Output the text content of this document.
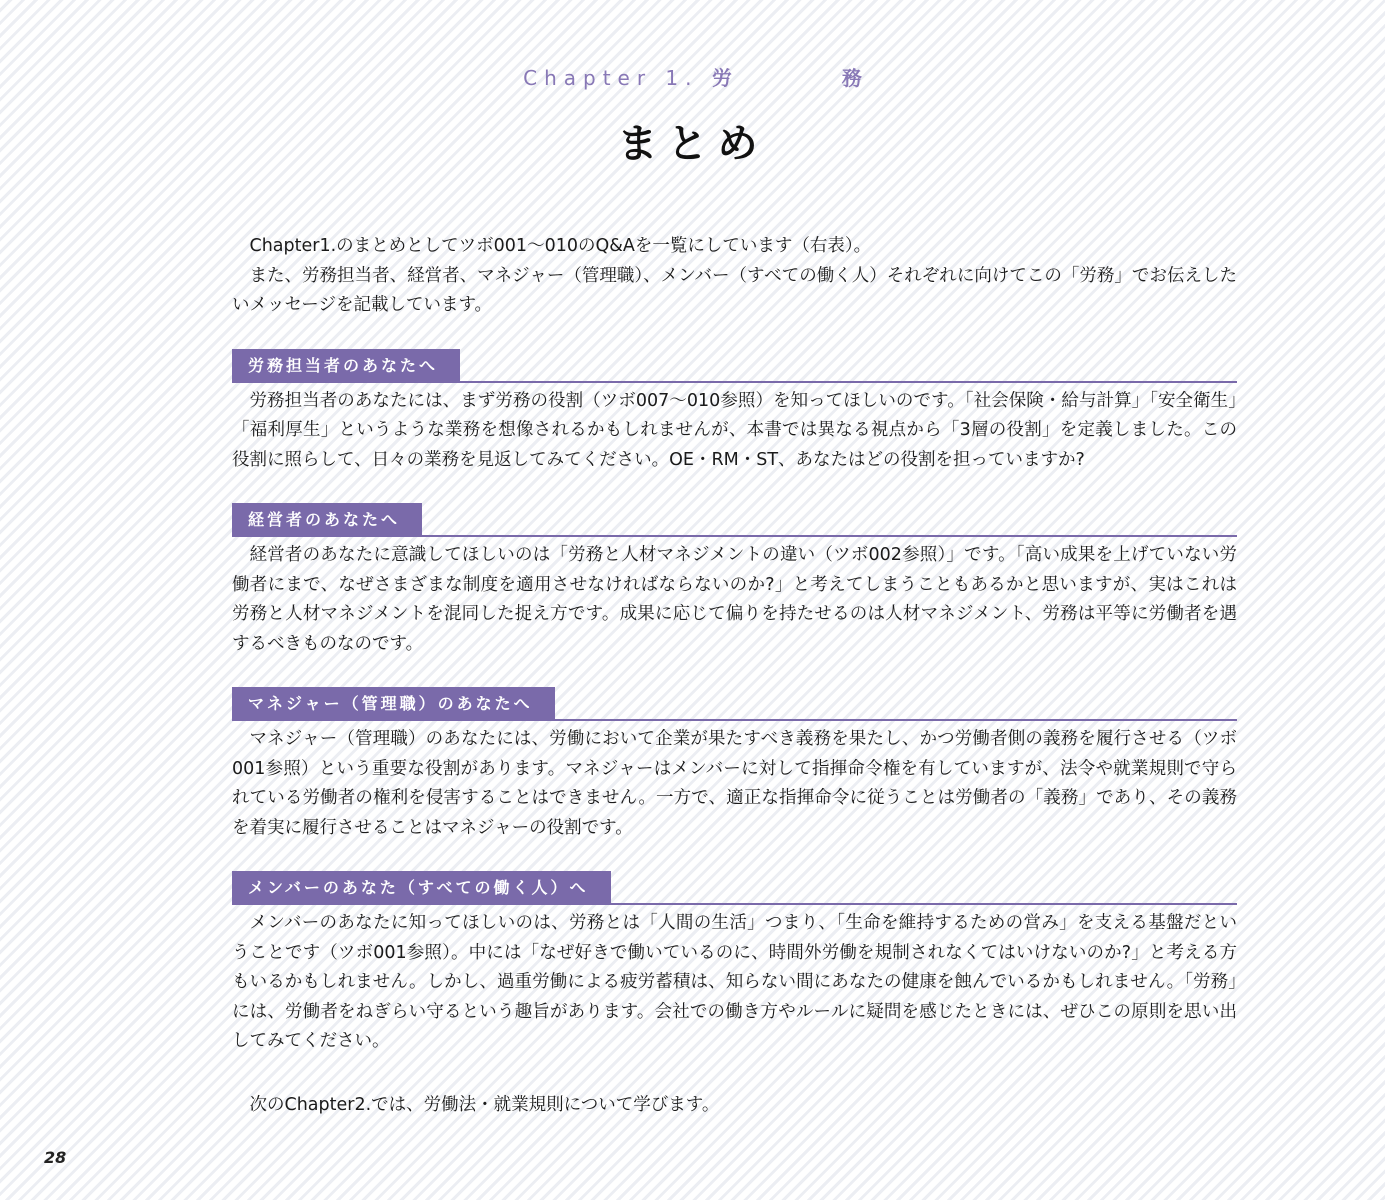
Chapter 1. 労	務
まとめ

Chapter1.のまとめとしてツボ001～010のQ&Aを一覧にしています（右表）。

また、労務担当者、経営者、マネジャー（管理職）、メンバー（すべての働く人）それぞれに向けてこの「労務」でお伝えしたいメッセージを記載しています。

労務担当者のあなたへ

労務担当者のあなたには、まず労務の役割（ツボ007～010参照）を知ってほしいのです。「社会保険・給与計算」「安全衛生」「福利厚生」というような業務を想像されるかもしれませんが、本書では異なる視点から「3層の役割」を定義しました。この役割に照らして、日々の業務を見返してみてください。OE・RM・ST、あなたはどの役割を担っていますか?

経営者のあなたへ

経営者のあなたに意識してほしいのは「労務と人材マネジメントの違い（ツボ002参照）」です。「高い成果を上げていない労働者にまで、なぜさまざまな制度を適用させなければならないのか?」と考えてしまうこともあるかと思いますが、実はこれは労務と人材マネジメントを混同した捉え方です。成果に応じて偏りを持たせるのは人材マネジメント、労務は平等に労働者を遇するべきものなのです。

マネジャー（管理職）のあなたへ

マネジャー（管理職）のあなたには、労働において企業が果たすべき義務を果たし、かつ労働者側の義務を履行させる（ツボ001参照）という重要な役割があります。マネジャーはメンバーに対して指揮命令権を有していますが、法令や就業規則で守られている労働者の権利を侵害することはできません。一方で、適正な指揮命令に従うことは労働者の「義務」であり、その義務を着実に履行させることはマネジャーの役割です。

メンバーのあなた（すべての働く人）へ

メンバーのあなたに知ってほしいのは、労務とは「人間の生活」つまり、「生命を維持するための営み」を支える基盤だということです（ツボ001参照）。中には「なぜ好きで働いているのに、時間外労働を規制されなくてはいけないのか?」と考える方もいるかもしれません。しかし、過重労働による疲労蓄積は、知らない間にあなたの健康を蝕んでいるかもしれません。「労務」には、労働者をねぎらい守るという趣旨があります。会社での働き方やルールに疑問を感じたときには、ぜひこの原則を思い出してみてください。

次のChapter2.では、労働法・就業規則について学びます。

28
